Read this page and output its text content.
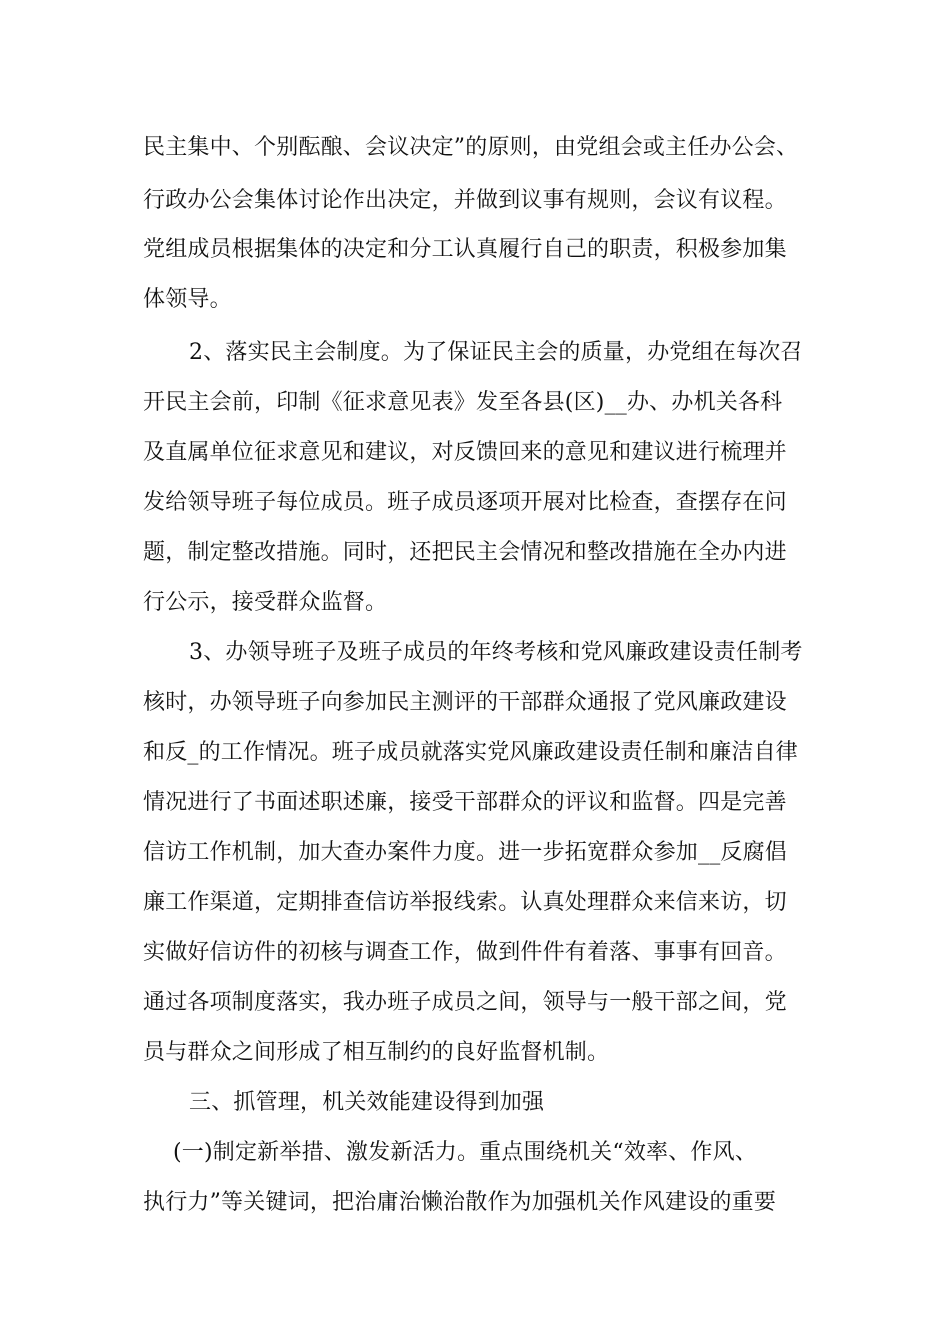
民主集中、个别酝酿、会议决定”的原则，由党组会或主任办公会、
行政办公会集体讨论作出决定，并做到议事有规则，会议有议程。
党组成员根据集体的决定和分工认真履行自己的职责，积极参加集
体领导。
2、落实民主会制度。为了保证民主会的质量，办党组在每次召
开民主会前，印制《征求意见表》发至各县(区)__办、办机关各科
及直属单位征求意见和建议，对反馈回来的意见和建议进行梳理并
发给领导班子每位成员。班子成员逐项开展对比检查，查摆存在问
题，制定整改措施。同时，还把民主会情况和整改措施在全办内进
行公示，接受群众监督。
3、办领导班子及班子成员的年终考核和党风廉政建设责任制考
核时，办领导班子向参加民主测评的干部群众通报了党风廉政建设
和反_的工作情况。班子成员就落实党风廉政建设责任制和廉洁自律
情况进行了书面述职述廉，接受干部群众的评议和监督。四是完善
信访工作机制，加大查办案件力度。进一步拓宽群众参加__反腐倡
廉工作渠道，定期排查信访举报线索。认真处理群众来信来访，切
实做好信访件的初核与调查工作，做到件件有着落、事事有回音。
通过各项制度落实，我办班子成员之间，领导与一般干部之间，党
员与群众之间形成了相互制约的良好监督机制。
三、抓管理，机关效能建设得到加强
(一)制定新举措、激发新活力。重点围绕机关“效率、作风、
执行力”等关键词，把治庸治懒治散作为加强机关作风建设的重要
